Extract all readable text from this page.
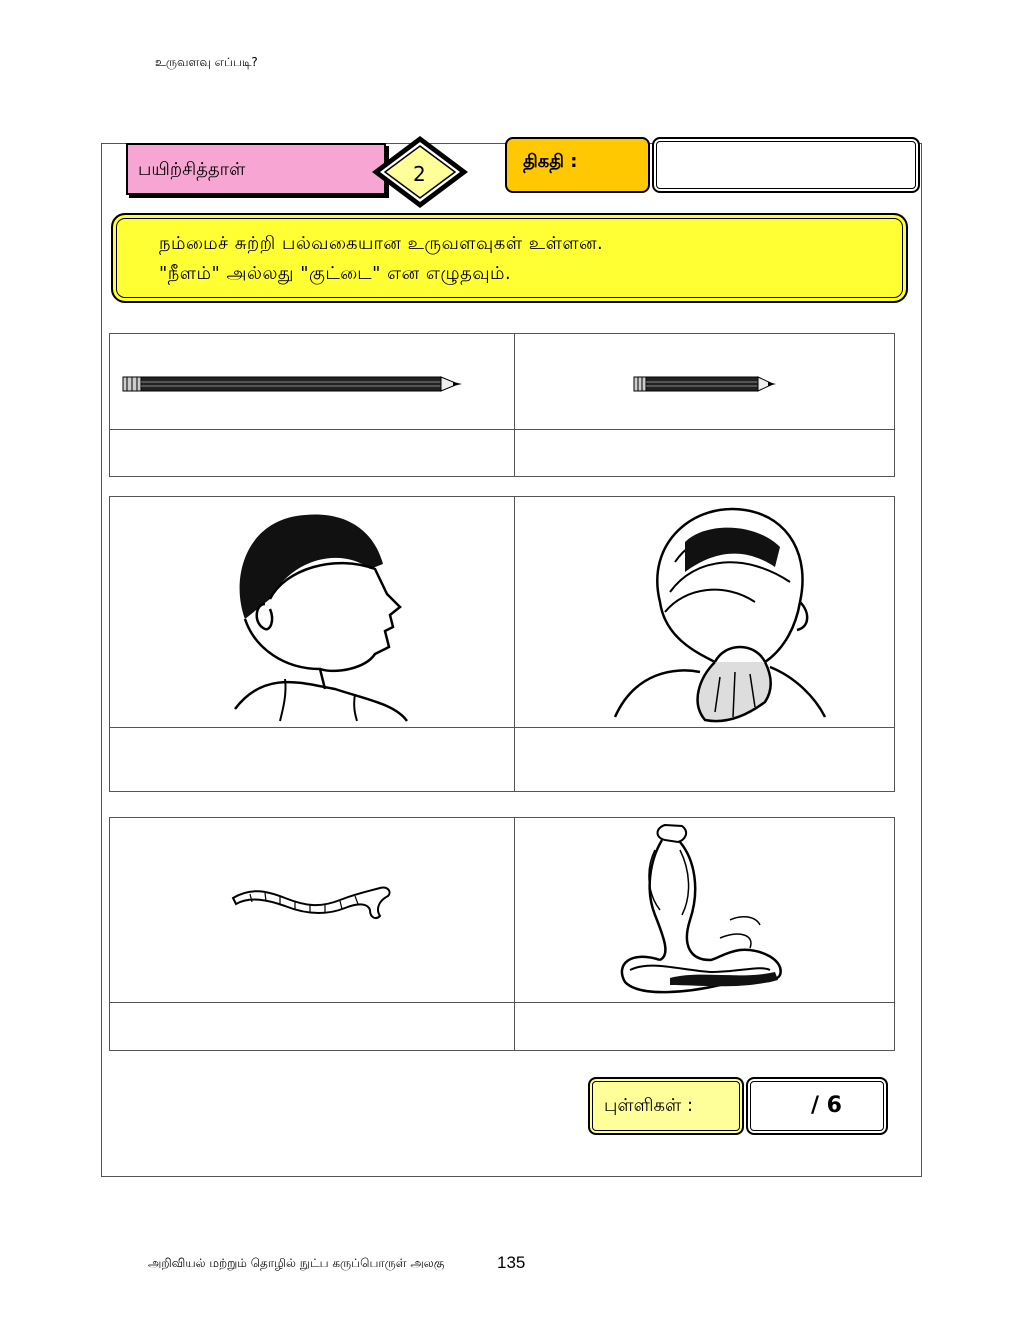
உருவளவு எப்படி?
பயிற்சித்தாள்	2
திகதி :

நம்மைச் சுற்றி பல்வகையான உருவளவுகள் உள்ளன.

"நீளம்" அல்லது "குட்டை" என எழுதவும்.

புள்ளிகள் :	/ 6
அறிவியல் மற்றும் தொழில் நுட்ப கருப்பொருள் அலகு	135
